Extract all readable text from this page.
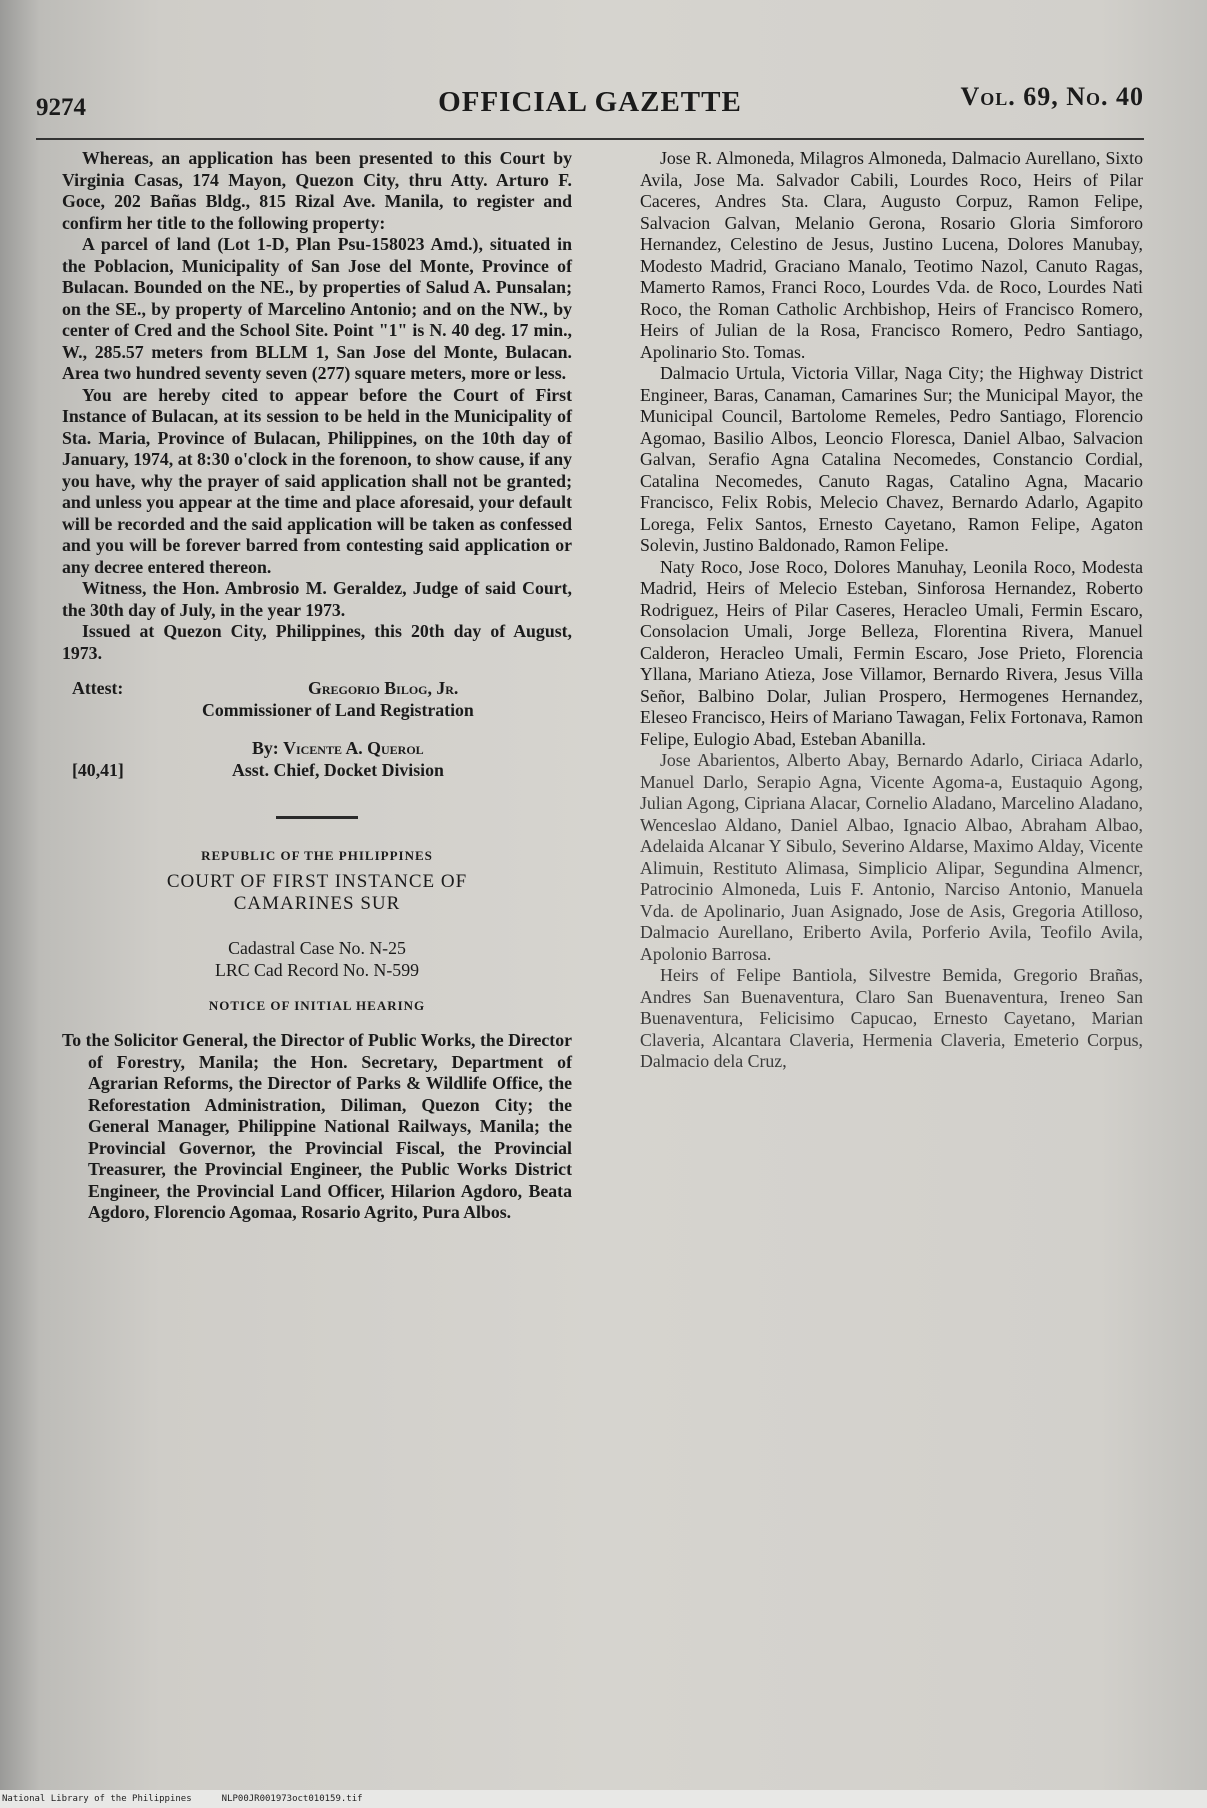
9274	OFFICIAL GAZETTE	Vol. 69, No. 40

Whereas, an application has been presented to this Court by Virginia Casas, 174 Mayon, Quezon City, thru Atty. Arturo F. Goce, 202 Bañas Bldg., 815 Rizal Ave. Manila, to register and confirm her title to the following property:

A parcel of land (Lot 1-D, Plan Psu-158023 Amd.), situated in the Poblacion, Municipality of San Jose del Monte, Province of Bulacan. Bounded on the NE., by properties of Salud A. Punsalan; on the SE., by property of Marcelino Antonio; and on the NW., by center of Cred and the School Site. Point "1" is N. 40 deg. 17 min., W., 285.57 meters from BLLM 1, San Jose del Monte, Bulacan. Area two hundred seventy seven (277) square meters, more or less.

You are hereby cited to appear before the Court of First Instance of Bulacan, at its session to be held in the Municipality of Sta. Maria, Province of Bulacan, Philippines, on the 10th day of January, 1974, at 8:30 o'clock in the forenoon, to show cause, if any you have, why the prayer of said application shall not be granted; and unless you appear at the time and place aforesaid, your default will be recorded and the said application will be taken as confessed and you will be forever barred from contesting said application or any decree entered thereon.

Witness, the Hon. Ambrosio M. Geraldez, Judge of said Court, the 30th day of July, in the year 1973.

Issued at Quezon City, Philippines, this 20th day of August, 1973.

Attest:	Gregorio Bilog, Jr.
Commissioner of Land Registration
By: Vicente A. Querol
[40,41]	Asst. Chief, Docket Division
REPUBLIC OF THE PHILIPPINES
COURT OF FIRST INSTANCE OF
CAMARINES SUR
Cadastral Case No. N-25
LRC Cad Record No. N-599
NOTICE OF INITIAL HEARING

To the Solicitor General, the Director of Public Works, the Director of Forestry, Manila; the Hon. Secretary, Department of Agrarian Reforms, the Director of Parks & Wildlife Office, the Reforestation Administration, Diliman, Quezon City; the General Manager, Philippine National Railways, Manila; the Provincial Governor, the Provincial Fiscal, the Provincial Treasurer, the Provincial Engineer, the Public Works District Engineer, the Provincial Land Officer, Hilarion Agdoro, Beata Agdoro, Florencio Agomaa, Rosario Agrito, Pura Albos.

Jose R. Almoneda, Milagros Almoneda, Dalmacio Aurellano, Sixto Avila, Jose Ma. Salvador Cabili, Lourdes Roco, Heirs of Pilar Caceres, Andres Sta. Clara, Augusto Corpuz, Ramon Felipe, Salvacion Galvan, Melanio Gerona, Rosario Gloria Simfororo Hernandez, Celestino de Jesus, Justino Lucena, Dolores Manubay, Modesto Madrid, Graciano Manalo, Teotimo Nazol, Canuto Ragas, Mamerto Ramos, Franci Roco, Lourdes Vda. de Roco, Lourdes Nati Roco, the Roman Catholic Archbishop, Heirs of Francisco Romero, Heirs of Julian de la Rosa, Francisco Romero, Pedro Santiago, Apolinario Sto. Tomas.

Dalmacio Urtula, Victoria Villar, Naga City; the Highway District Engineer, Baras, Canaman, Camarines Sur; the Municipal Mayor, the Municipal Council, Bartolome Remeles, Pedro Santiago, Florencio Agomao, Basilio Albos, Leoncio Floresca, Daniel Albao, Salvacion Galvan, Serafio Agna Catalina Necomedes, Constancio Cordial, Catalina Necomedes, Canuto Ragas, Catalino Agna, Macario Francisco, Felix Robis, Melecio Chavez, Bernardo Adarlo, Agapito Lorega, Felix Santos, Ernesto Cayetano, Ramon Felipe, Agaton Solevin, Justino Baldonado, Ramon Felipe.

Naty Roco, Jose Roco, Dolores Manuhay, Leonila Roco, Modesta Madrid, Heirs of Melecio Esteban, Sinforosa Hernandez, Roberto Rodriguez, Heirs of Pilar Caseres, Heracleo Umali, Fermin Escaro, Consolacion Umali, Jorge Belleza, Florentina Rivera, Manuel Calderon, Heracleo Umali, Fermin Escaro, Jose Prieto, Florencia Yllana, Mariano Atieza, Jose Villamor, Bernardo Rivera, Jesus Villa Señor, Balbino Dolar, Julian Prospero, Hermogenes Hernandez, Eleseo Francisco, Heirs of Mariano Tawagan, Felix Fortonava, Ramon Felipe, Eulogio Abad, Esteban Abanilla.

Jose Abarientos, Alberto Abay, Bernardo Adarlo, Ciriaca Adarlo, Manuel Darlo, Serapio Agna, Vicente Agoma-a, Eustaquio Agong, Julian Agong, Cipriana Alacar, Cornelio Aladano, Marcelino Aladano, Wenceslao Aldano, Daniel Albao, Ignacio Albao, Abraham Albao, Adelaida Alcanar Y Sibulo, Severino Aldarse, Maximo Alday, Vicente Alimuin, Restituto Alimasa, Simplicio Alipar, Segundina Almencr, Patrocinio Almoneda, Luis F. Antonio, Narciso Antonio, Manuela Vda. de Apolinario, Juan Asignado, Jose de Asis, Gregoria Atilloso, Dalmacio Aurellano, Eriberto Avila, Porferio Avila, Teofilo Avila, Apolonio Barrosa.

Heirs of Felipe Bantiola, Silvestre Bemida, Gregorio Brañas, Andres San Buenaventura, Claro San Buenaventura, Ireneo San Buenaventura, Felicisimo Capucao, Ernesto Cayetano, Marian Claveria, Alcantara Claveria, Hermenia Claveria, Emeterio Corpus, Dalmacio dela Cruz,

National Library of the Philippines	NLP00JR001973oct010159.tif
